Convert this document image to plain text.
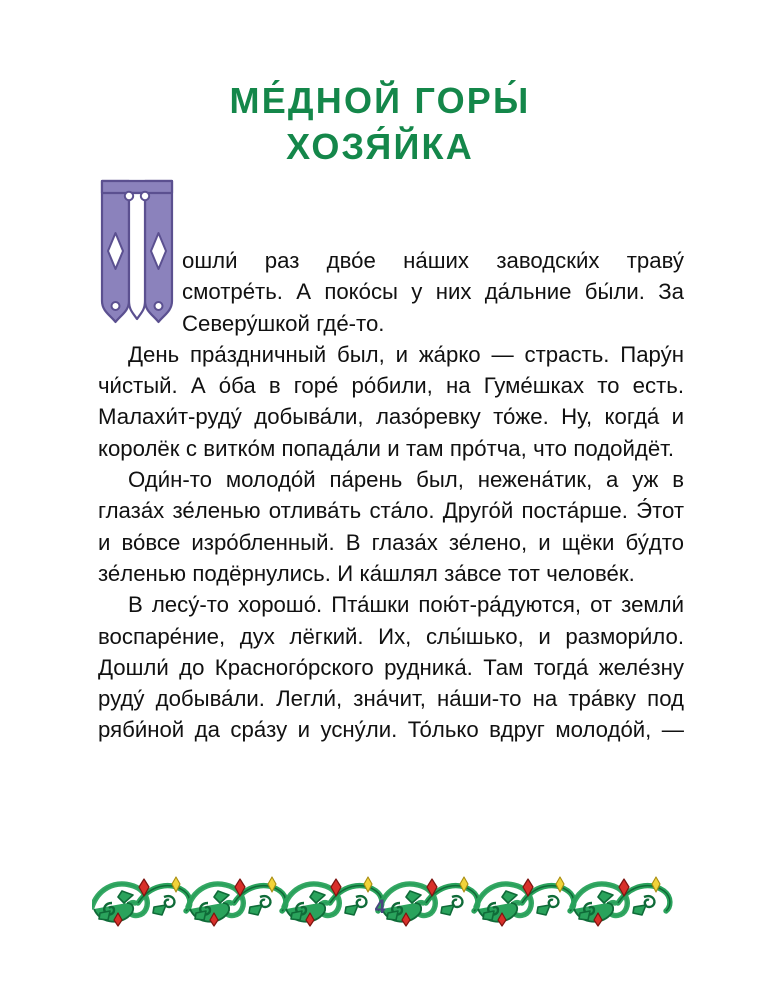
МЕ́ДНОЙ ГОРЫ́
ХОЗЯ́ЙКА

ошли́ раз дво́е на́ших заводски́х траву́ смотре́ть. А поко́сы у них да́льние бы́ли. За Северу́шкой где́-то.

День пра́здничный был, и жа́рко — страсть. Пару́н чи́стый. А о́ба в горе́ ро́били, на Гуме́шках то есть. Малахи́т-руду́ добыва́ли, лазо́ревку то́же. Ну, когда́ и королёк с витко́м попада́ли и там про́тча, что подойдёт.

Оди́н-то молодо́й па́рень был, нежена́тик, а уж в глаза́х зе́ленью отлива́ть ста́ло. Друго́й поста́рше. Э́тот и во́все изро́бленный. В глаза́х зе́лено, и щёки бу́дто зе́ленью подёрнулись. И ка́шлял за́все тот челове́к.

В лесу́-то хорошо́. Пта́шки пою́т-ра́дуются, от земли́ воспаре́ние, дух лёгкий. Их, слы́шько, и размори́ло. Дошли́ до Красного́рского рудника́. Там тогда́ желе́зну руду́ добыва́ли. Легли́, зна́чит, на́ши-то на тра́вку под ряби́ной да сра́зу и усну́ли. То́лько вдруг молодо́й, —

4
